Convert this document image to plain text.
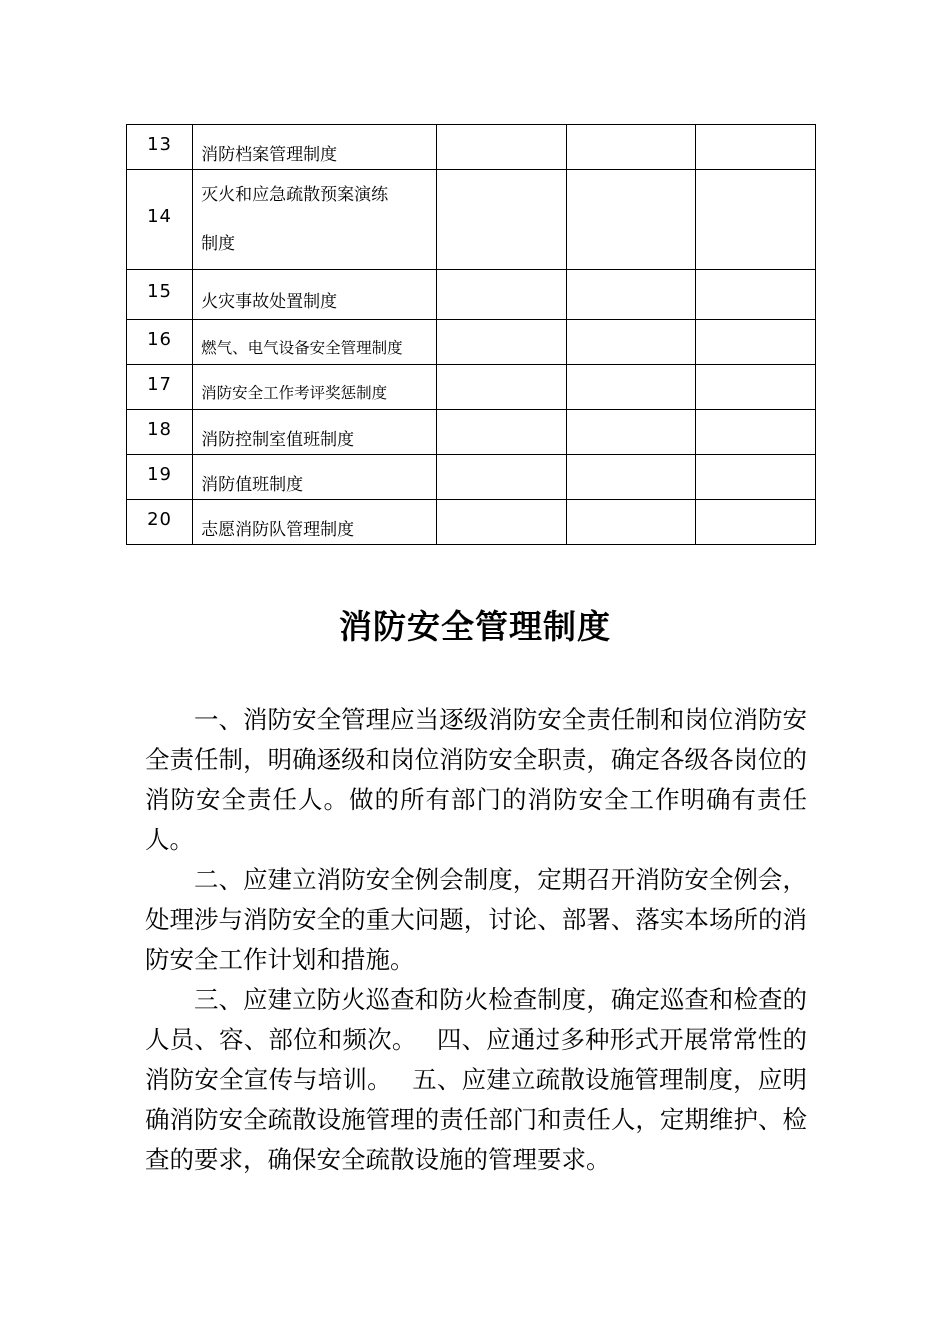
13	消防档案管理制度			
14	灭火和应急疏散预案演练制度			

15	火灾事故处置制度			
16	燃气、电气设备安全管理制度			
17	消防安全工作考评奖惩制度			
18	消防控制室值班制度			
19	消防值班制度			
20	志愿消防队管理制度			
消防安全管理制度

一、消防安全管理应当逐级消防安全责任制和岗位消防安全责任制，明确逐级和岗位消防安全职责，确定各级各岗位的消防安全责任人。做的所有部门的消防安全工作明确有责任人。

二、应建立消防安全例会制度，定期召开消防安全例会，处理涉与消防安全的重大问题，讨论、部署、落实本场所的消防安全工作计划和措施。

三、应建立防火巡查和防火检查制度，确定巡查和检查的人员、容、部位和频次。　 四、应通过多种形式开展常常性的消防安全宣传与培训。　 五、应建立疏散设施管理制度，应明确消防安全疏散设施管理的责任部门和责任人，定期维护、检查的要求，确保安全疏散设施的管理要求。
